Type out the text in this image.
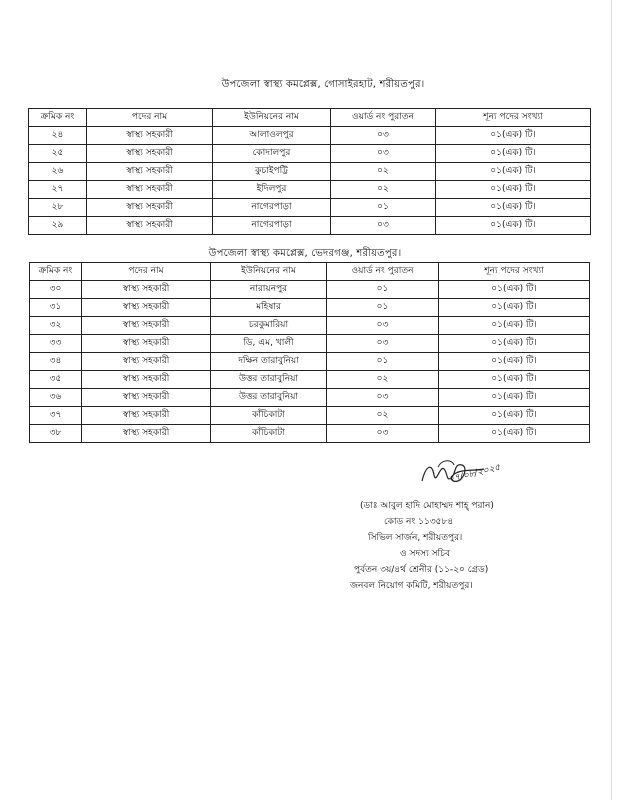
উপজেলা স্বাস্থ্য কমপ্লেক্স, গোসাইরহাট, শরীয়তপুর।
ক্রমিক নং	পদের নাম	ইউনিয়নের নাম	ওয়ার্ড নং পুরাতন	শূন্য পদের সংখ্যা
২৪	স্বাস্থ্য সহকারী	আলাওলপুর	০৩	০১(এক) টি।
২৫	স্বাস্থ্য সহকারী	কোদালপুর	০৩	০১(এক) টি।
২৬	স্বাস্থ্য সহকারী	কুচাইপট্টি	০২	০১(এক) টি।
২৭	স্বাস্থ্য সহকারী	ইদিলপুর	০২	০১(এক) টি।
২৮	স্বাস্থ্য সহকারী	নাগেরপাড়া	০১	০১(এক) টি।
২৯	স্বাস্থ্য সহকারী	নাগেরপাড়া	০৩	০১(এক) টি।
উপজেলা স্বাস্থ্য কমপ্লেক্স, ভেদরগঞ্জ, শরীয়তপুর।
ক্রমিক নং	পদের নাম	ইউনিয়নের নাম	ওয়ার্ড নং পুরাতন	শূন্য পদের সংখ্যা
৩০	স্বাস্থ্য সহকারী	নারায়নপুর	০১	০১(এক) টি।
৩১	স্বাস্থ্য সহকারী	মহিষার	০১	০১(এক) টি।
৩২	স্বাস্থ্য সহকারী	চরকুমারিয়া	০৩	০১(এক) টি।
৩৩	স্বাস্থ্য সহকারী	ডি, এম, খালী	০৩	০১(এক) টি।
৩৪	স্বাস্থ্য সহকারী	দক্ষিন তারাবুনিয়া	০১	০১(এক) টি।
৩৫	স্বাস্থ্য সহকারী	উত্তর তারাবুনিয়া	০২	০১(এক) টি।
৩৬	স্বাস্থ্য সহকারী	উত্তর তারাবুনিয়া	০৩	০১(এক) টি।
৩৭	স্বাস্থ্য সহকারী	কাঁচিকাটা	০২	০১(এক) টি।
৩৮	স্বাস্থ্য সহকারী	কাঁচিকাটা	০৩	০১(এক) টি।
২৭/০৮/২০২৫
(ডাঃ আবুল হাদি মোহাম্মদ শাহ্ পরান)
কোড নং ১১৩৫৮৪
সিভিল সার্জন, শরীয়তপুর।
ও সদস্য সচিব
পুর্বতন ৩য়/৪র্থ শ্রেনীর (১১-২০ গ্রেড)
জনবল নিয়োগ কমিটি, শরীয়তপুর।
